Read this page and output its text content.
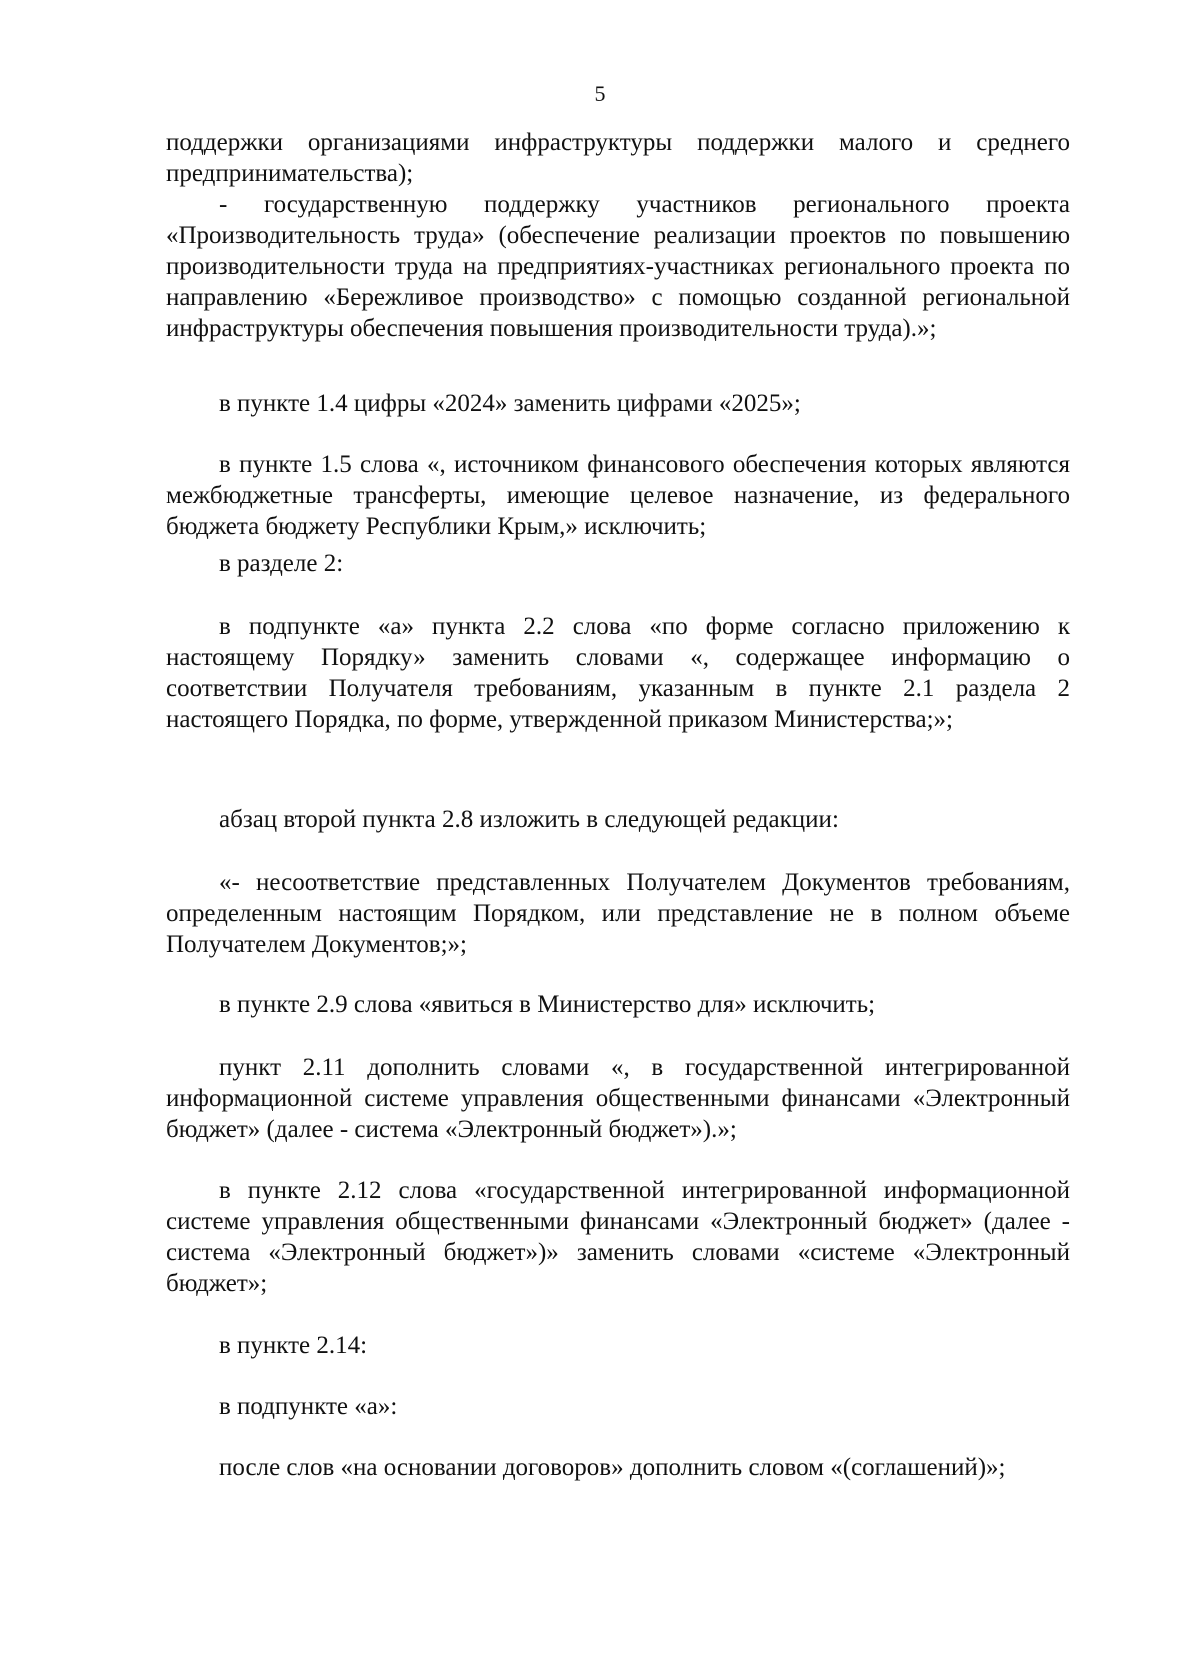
5

поддержки организациями инфраструктуры поддержки малого и среднего предпринимательства);

- государственную поддержку участников регионального проекта «Производительность труда» (обеспечение реализации проектов по повышению производительности труда на предприятиях-участниках регионального проекта по направлению «Бережливое производство» с помощью созданной региональной инфраструктуры обеспечения повышения производительности труда).»;

в пункте 1.4 цифры «2024» заменить цифрами «2025»;

в пункте 1.5 слова «, источником финансового обеспечения которых являются межбюджетные трансферты, имеющие целевое назначение, из федерального бюджета бюджету Республики Крым,» исключить;

в разделе 2:

в подпункте «а» пункта 2.2 слова «по форме согласно приложению к настоящему Порядку» заменить словами «, содержащее информацию о соответствии Получателя требованиям, указанным в пункте 2.1 раздела 2 настоящего Порядка, по форме, утвержденной приказом Министерства;»;

абзац второй пункта 2.8 изложить в следующей редакции:

«- несоответствие представленных Получателем Документов требованиям, определенным настоящим Порядком, или представление не в полном объеме Получателем Документов;»;

в пункте 2.9 слова «явиться в Министерство для» исключить;

пункт 2.11 дополнить словами «, в государственной интегрированной информационной системе управления общественными финансами «Электронный бюджет» (далее - система «Электронный бюджет»).»;

в пункте 2.12 слова «государственной интегрированной информационной системе управления общественными финансами «Электронный бюджет» (далее - система «Электронный бюджет»)» заменить словами «системе «Электронный бюджет»;

в пункте 2.14:

в подпункте «а»:

после слов «на основании договоров» дополнить словом «(соглашений)»;
